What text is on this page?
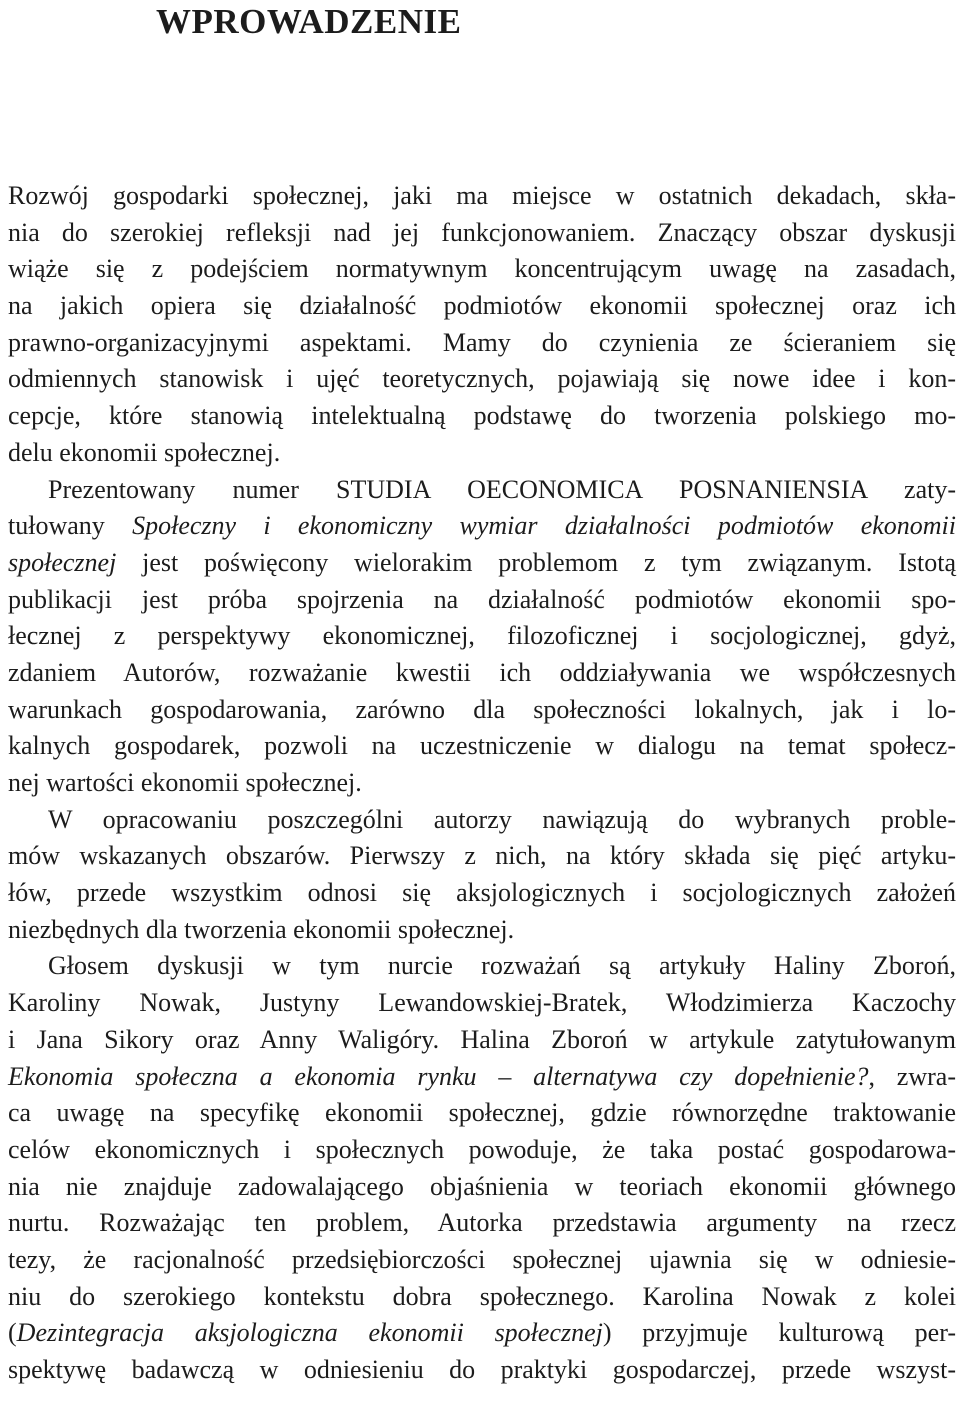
WPROWADZENIE
Rozwój gospodarki społecznej, jaki ma miejsce w ostatnich dekadach, skła-
nia do szerokiej refleksji nad jej funkcjonowaniem. Znaczący obszar dyskusji
wiąże się z podejściem normatywnym koncentrującym uwagę na zasadach,
na jakich opiera się działalność podmiotów ekonomii społecznej oraz ich
prawno-organizacyjnymi aspektami. Mamy do czynienia ze ścieraniem się
odmiennych stanowisk i ujęć teoretycznych, pojawiają się nowe idee i kon-
cepcje, które stanowią intelektualną podstawę do tworzenia polskiego mo-
delu ekonomii społecznej.
Prezentowany numer STUDIA OECONOMICA POSNANIENSIA zaty-
tułowany Społeczny i ekonomiczny wymiar działalności podmiotów ekonomii
społecznej jest poświęcony wielorakim problemom z tym związanym. Istotą
publikacji jest próba spojrzenia na działalność podmiotów ekonomii spo-
łecznej z perspektywy ekonomicznej, filozoficznej i socjologicznej, gdyż,
zdaniem Autorów, rozważanie kwestii ich oddziaływania we współczesnych
warunkach gospodarowania, zarówno dla społeczności lokalnych, jak i lo-
kalnych gospodarek, pozwoli na uczestniczenie w dialogu na temat społecz-
nej wartości ekonomii społecznej.
W opracowaniu poszczególni autorzy nawiązują do wybranych proble-
mów wskazanych obszarów. Pierwszy z nich, na który składa się pięć artyku-
łów, przede wszystkim odnosi się aksjologicznych i socjologicznych założeń
niezbędnych dla tworzenia ekonomii społecznej.
Głosem dyskusji w tym nurcie rozważań są artykuły Haliny Zboroń,
Karoliny Nowak, Justyny Lewandowskiej-Bratek, Włodzimierza Kaczochy
i Jana Sikory oraz Anny Waligóry. Halina Zboroń w artykule zatytułowanym
Ekonomia społeczna a ekonomia rynku – alternatywa czy dopełnienie?, zwra-
ca uwagę na specyfikę ekonomii społecznej, gdzie równorzędne traktowanie
celów ekonomicznych i społecznych powoduje, że taka postać gospodarowa-
nia nie znajduje zadowalającego objaśnienia w teoriach ekonomii głównego
nurtu. Rozważając ten problem, Autorka przedstawia argumenty na rzecz
tezy, że racjonalność przedsiębiorczości społecznej ujawnia się w odniesie-
niu do szerokiego kontekstu dobra społecznego. Karolina Nowak z kolei
(Dezintegracja aksjologiczna ekonomii społecznej) przyjmuje kulturową per-
spektywę badawczą w odniesieniu do praktyki gospodarczej, przede wszyst-
